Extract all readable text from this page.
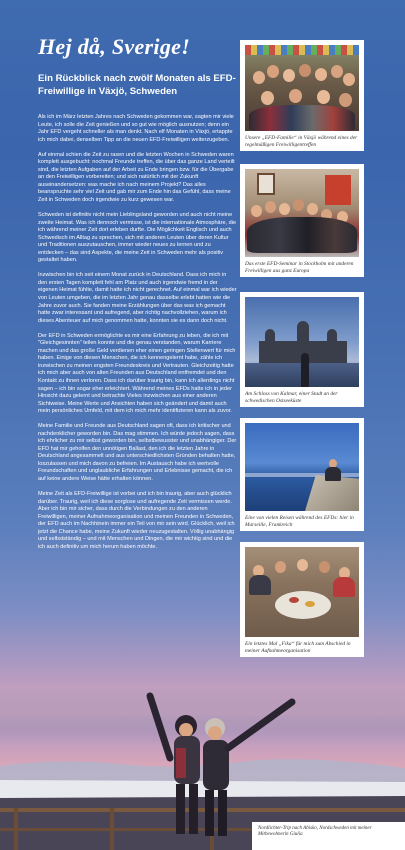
Hej då, Sverige!
Ein Rückblick nach zwölf Monaten als EFD-Freiwillige in Växjö, Schweden

Als ich im März letzten Jahres nach Schweden gekommen war, sagten mir viele Leute, ich solle die Zeit genießen und so gut wie möglich ausnutzen; denn ein Jahr EFD vergeht schneller als man denkt. Nach elf Monaten in Växjö, ertappte ich mich dabei, denselben Tipp an die neuen EFD-Freiwilligen weiterzugeben.

Auf einmal schien die Zeit zu rasen und die letzten Wochen in Schweden waren komplett ausgebucht: nochmal Freunde treffen, die über das ganze Land verteilt sind, die letzten Aufgaben auf der Arbeit zu Ende bringen bzw. für die Übergabe an den Freiwilligen vorbereiten; und sich natürlich mit der Zukunft auseinandersetzen: was mache ich nach meinem Projekt? Das alles beanspruchte sehr viel Zeit und gab mir zum Ende hin das Gefühl, dass meine Zeit in Schweden doch irgendwie zu kurz gewesen war.

Schweden ist definitiv nicht mein Lieblingsland geworden und auch nicht meine zweite Heimat. Was ich dennoch vermisse, ist die internationale Atmosphäre, die ich während meiner Zeit dort erleben durfte. Die Möglichkeit Englisch und auch Schwedisch im Alltag zu sprechen, sich mit anderen Leuten über deren Kultur und Traditionen auszutauschen, immer wieder neues zu lernen und zu entdecken – das sind Aspekte, die meine Zeit in Schweden mehr als positiv gestaltet haben.

Inzwischen bin ich seit einem Monat zurück in Deutschland. Dass ich mich in den ersten Tagen komplett fehl am Platz und auch irgendwie fremd in der eigenen Heimat fühlte, damit hatte ich nicht gerechnet. Auf einmal war ich wieder von Leuten umgeben, die im letzten Jahr genau dasselbe erlebt hatten wie die Jahre zuvor auch. Sie fanden meine Erzählungen über das was ich gemacht hatte zwar interessant und aufregend, aber richtig nachvollziehen, warum ich dieses Abenteuer auf mich genommen hatte, konnten sie es dann doch nicht.

Der EFD in Schweden ermöglichte es mir eine Erfahrung zu leben, die ich mit "Gleichgesinnten" teilen konnte und die genau verstanden, warum Karriere machen und das große Geld verdienen eher einen geringen Stellenwert für mich haben. Einige von diesen Menschen, die ich kennengelernt habe, zähle ich inzwischen zu meinen engsten Freundeskreis und Vertrauten. Gleichzeitig hatte ich mich aber auch von alten Freunden aus Deutschland entfremdet und den Kontakt zu ihnen verloren. Dass ich darüber traurig bin, kann ich allerdings nicht sagen – ich bin sogar eher erleichtert. Während meines EFDs hatte ich in jeder Hinsicht dazu gelernt und betrachte Vieles inzwischen aus einer anderen Sichtweise. Meine Werte und Ansichten haben sich geändert und damit auch mein persönliches Umfeld, mit dem ich mich mehr identifizieren kann als zuvor.

Meine Familie und Freunde aus Deutschland sagen oft, dass ich kritischer und nachdenklicher geworden bin. Das mag stimmen. Ich würde jedoch sagen, dass ich ehrlicher zu mir selbst geworden bin, selbstbewusster und unabhängiger. Der EFD hat mir geholfen den unnötigen Ballast, den ich die letzten Jahre in Deutschland angesammelt und aus unterschiedlichsten Gründen behalten hatte, loszulassen und mich davon zu befreien. Im Austausch habe ich wertvolle Freundschaften und unglaubliche Erfahrungen und Erlebnisse gemacht, die ich auf keine andere Weise hätte erhalten können.

Meine Zeit als EFD-Freiwillige ist vorbei und ich bin traurig, aber auch glücklich darüber. Traurig, weil ich diese sorglose und aufregende Zeit vermissen werde. Aber ich bin mir sicher, dass durch die Verbindungen zu den anderen Freiwilligen, meiner Aufnahmeorganisation und meinen Freunden in Schweden, der EFD auch im Nachhinein immer ein Teil von mir sein wird. Glücklich, weil ich jetzt die Chance habe, meine Zukunft wieder neuzugestalten. Völlig unabhängig und selbstständig – und mit Menschen und Dingen, die mir wichtig sind und die ich auch definitiv um mich herum haben möchte.

Unsere „EFD-Familie“ in Växjö während eines der regelmäßigen Freiwilligentreffen
Das erste EFD-Seminar in Stockholm mit anderen Freiwilligen aus ganz Europa
Am Schloss von Kalmar, einer Stadt an der schwedischen Ostseeküste
Eine von vielen Reisen während des EFDs: hier in Marseille, Frankreich
Ein letztes Mal „Fika“ für mich zum Abschied in meiner Aufnahmeorganisation
Nordlichter-Trip nach Abisko, Nordschweden mit meiner Mitbewohnerin Giulia
